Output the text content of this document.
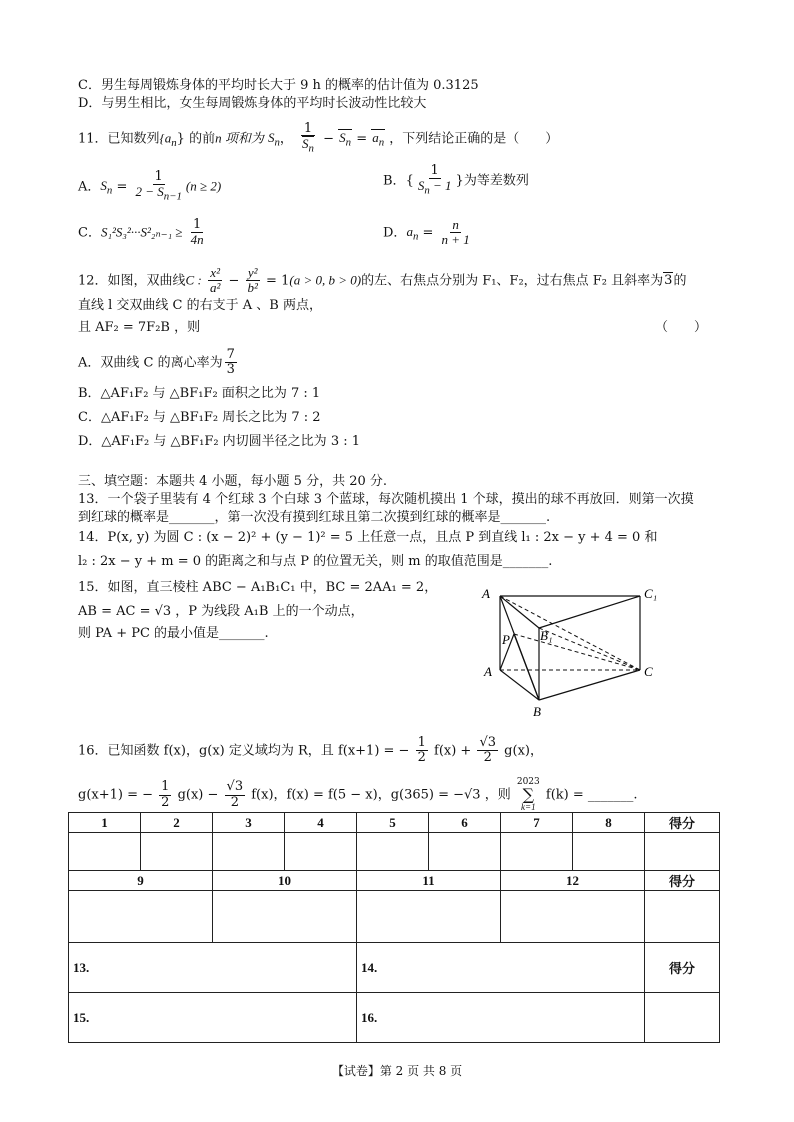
C．男生每周锻炼身体的平均时长大于 9 h 的概率的估计值为 0.3125
D．与男生相比，女生每周锻炼身体的平均时长波动性比较大
11．已知数列$\{a_n\}$ 的前n 项和为 $S_n$， $\frac{1}{S_n} - S_n = a_n$ ，下列结论正确的是（　　）
A．$S_n = \frac{1}{2 - S_{n-1}} (n \ge 2)$	B．{ $\frac{1}{S_n - 1}$ }为等差数列
C．$S_1^2S_3^2\cdot\cdot\cdot S^2_{2n-1} \ge \frac{1}{4n}$	D．$a_n = \frac{n}{n + 1}$
12．如图，双曲线C : $\frac{\text{x²}}{\text{a²}} - \frac{\text{y²}}{\text{b²}} = 1(a > 0$, b > 0)的左、右焦点分别为 F₁、F₂，过右焦点 F₂ 且斜率为3的
直线 l 交双曲线 C 的右支于 A 、B 两点，
且 AF₂ = 7F₂B ，则	（　　）
A．双曲线 C 的离心率为 $\frac{7}{3}$
B．△AF₁F₂ 与 △BF₁F₂ 面积之比为 7 : 1
C．△AF₁F₂ 与 △BF₁F₂ 周长之比为 7 : 2
D．△AF₁F₂ 与 △BF₁F₂ 内切圆半径之比为 3 : 1
三、填空题：本题共 4 小题，每小题 5 分，共 20 分.
13．一个袋子里装有 4 个红球 3 个白球 3 个蓝球，每次随机摸出 1 个球，摸出的球不再放回．则第一次摸
到红球的概率是_______，第一次没有摸到红球且第二次摸到红球的概率是_______.
14．P(x, y) 为圆 C : (x − 2)² + (y − 1)² = 5 上任意一点，且点 P 到直线 l₁ : 2x − y + 4 = 0 和
l₂ : 2x − y + m = 0 的距离之和与点 P 的位置无关，则 m 的取值范围是_______.
15．如图，直三棱柱 ABC − A₁B₁C₁ 中，BC = 2AA₁ = 2，
AB = AC = √3 ，P 为线段 A₁B 上的一个动点，
则 PA + PC 的最小值是_______.
A	C₁
B₁
P
A	C
B
16．已知函数 f(x)，g(x) 定义域均为 R，且 f(x+1) = − $\frac{1}{2} f(x) + \frac{√3}{2} g(x)$，
g(x+1) = − $\frac{1}{2} g(x) - \frac{√3}{2} f(x)$，f(x) = f(5 − x)，g(365) = −√3 ，则
2023
∑
k=1
f(k) = _______.
1	2	3	4	5	6	7	8	得分

9		10		11		12		得分

13.				14.				得分
15.				16.				
【试卷】第 2 页 共 8 页
